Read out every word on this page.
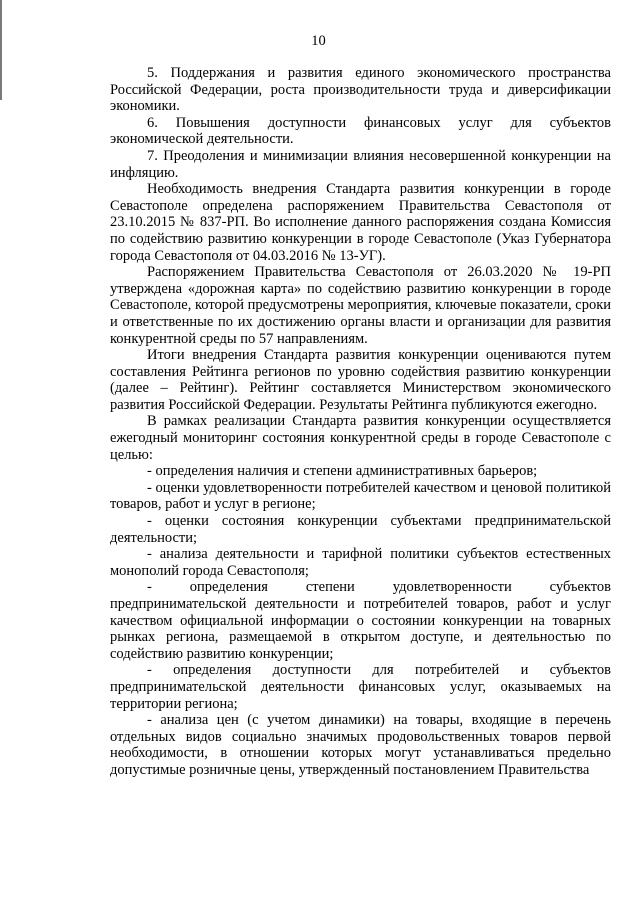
10

5. Поддержания и развития единого экономического пространства Российской Федерации, роста производительности труда и диверсификации экономики.

6. Повышения доступности финансовых услуг для субъектов экономической деятельности.

7. Преодоления и минимизации влияния несовершенной конкуренции на инфляцию.

Необходимость внедрения Стандарта развития конкуренции в городе Севастополе определена распоряжением Правительства Севастополя от 23.10.2015 № 837-РП. Во исполнение данного распоряжения создана Комиссия по содействию развитию конкуренции в городе Севастополе (Указ Губернатора города Севастополя от 04.03.2016 № 13-УГ).

Распоряжением Правительства Севастополя от 26.03.2020 № 19-РП утверждена «дорожная карта» по содействию развитию конкуренции в городе Севастополе, которой предусмотрены мероприятия, ключевые показатели, сроки и ответственные по их достижению органы власти и организации для развития конкурентной среды по 57 направлениям.

Итоги внедрения Стандарта развития конкуренции оцениваются путем составления Рейтинга регионов по уровню содействия развитию конкуренции (далее – Рейтинг). Рейтинг составляется Министерством экономического развития Российской Федерации. Результаты Рейтинга публикуются ежегодно.

В рамках реализации Стандарта развития конкуренции осуществляется ежегодный мониторинг состояния конкурентной среды в городе Севастополе с целью:

- определения наличия и степени административных барьеров;

- оценки удовлетворенности потребителей качеством и ценовой политикой товаров, работ и услуг в регионе;

- оценки состояния конкуренции субъектами предпринимательской деятельности;

- анализа деятельности и тарифной политики субъектов естественных монополий города Севастополя;

- определения степени удовлетворенности субъектов предпринимательской деятельности и потребителей товаров, работ и услуг качеством официальной информации о состоянии конкуренции на товарных рынках региона, размещаемой в открытом доступе, и деятельностью по содействию развитию конкуренции;

- определения доступности для потребителей и субъектов предпринимательской деятельности финансовых услуг, оказываемых на территории региона;

- анализа цен (с учетом динамики) на товары, входящие в перечень отдельных видов социально значимых продовольственных товаров первой необходимости, в отношении которых могут устанавливаться предельно допустимые розничные цены, утвержденный постановлением Правительства
